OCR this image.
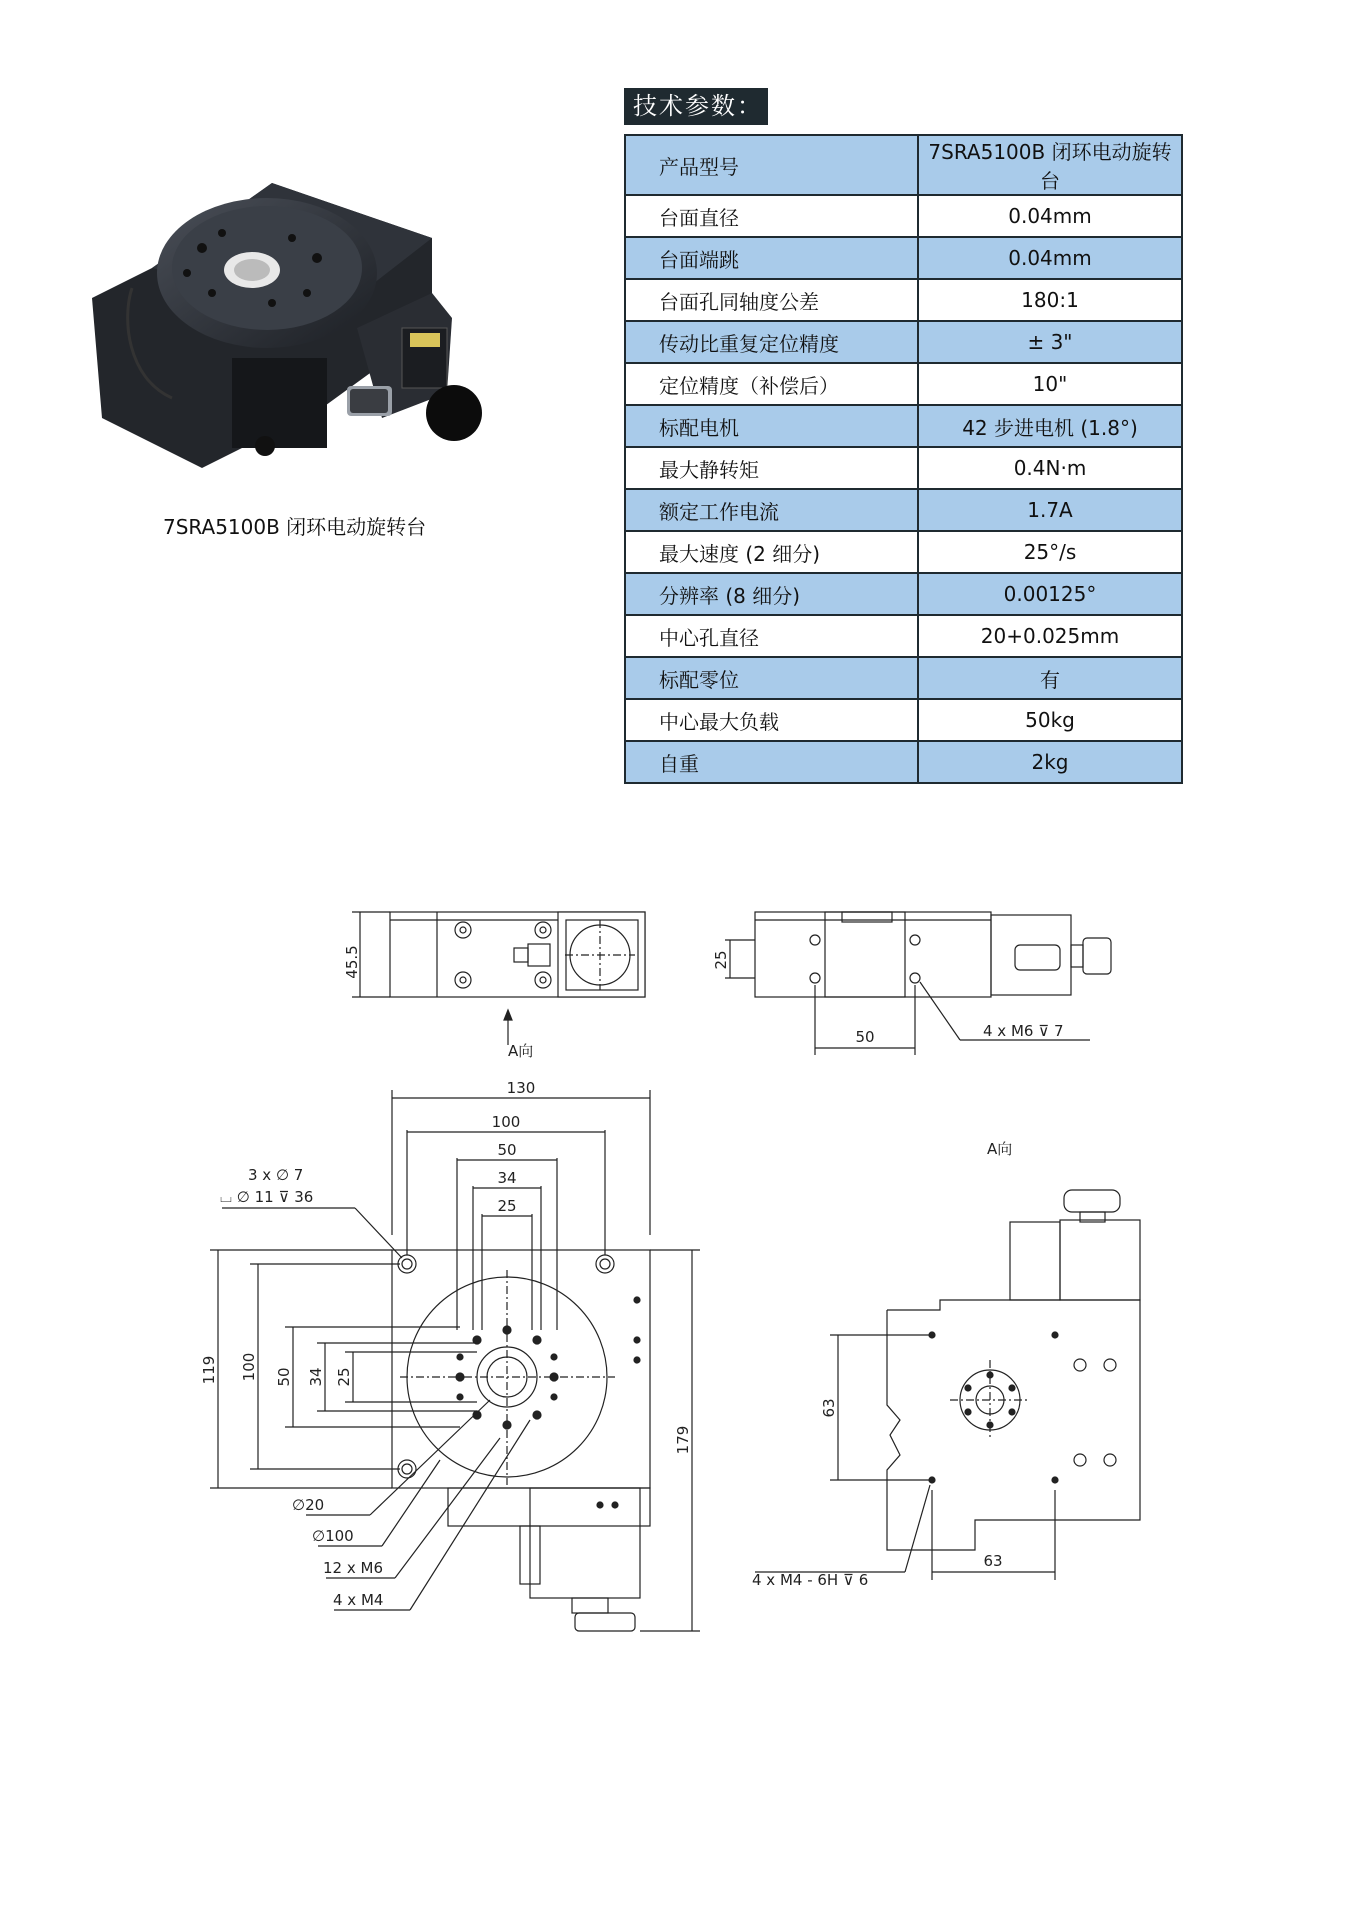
技术参数：
产品型号	7SRA5100B 闭环电动旋转台
台面直径	0.04mm
台面端跳	0.04mm
台面孔同轴度公差	180:1
传动比重复定位精度	± 3"
定位精度（补偿后）	10"
标配电机	42 步进电机 (1.8°)
最大静转矩	0.4N·m
额定工作电流	1.7A
最大速度 (2 细分)	25°/s
分辨率 (8 细分)	0.00125°
中心孔直径	20+0.025mm
标配零位	有
中心最大负载	50kg
自重	2kg
7SRA5100B 闭环电动旋转台
45.5
A向
25
50	4 x M6 ⊽ 7
130
100
50
34
25
119 100 50 34 25
179
3 x ∅ 7
⌴ ∅ 11 ⊽ 36
∅20
∅100
12 x M6
4 x M4
A向
63
63
4 x M4 - 6H ⊽ 6
